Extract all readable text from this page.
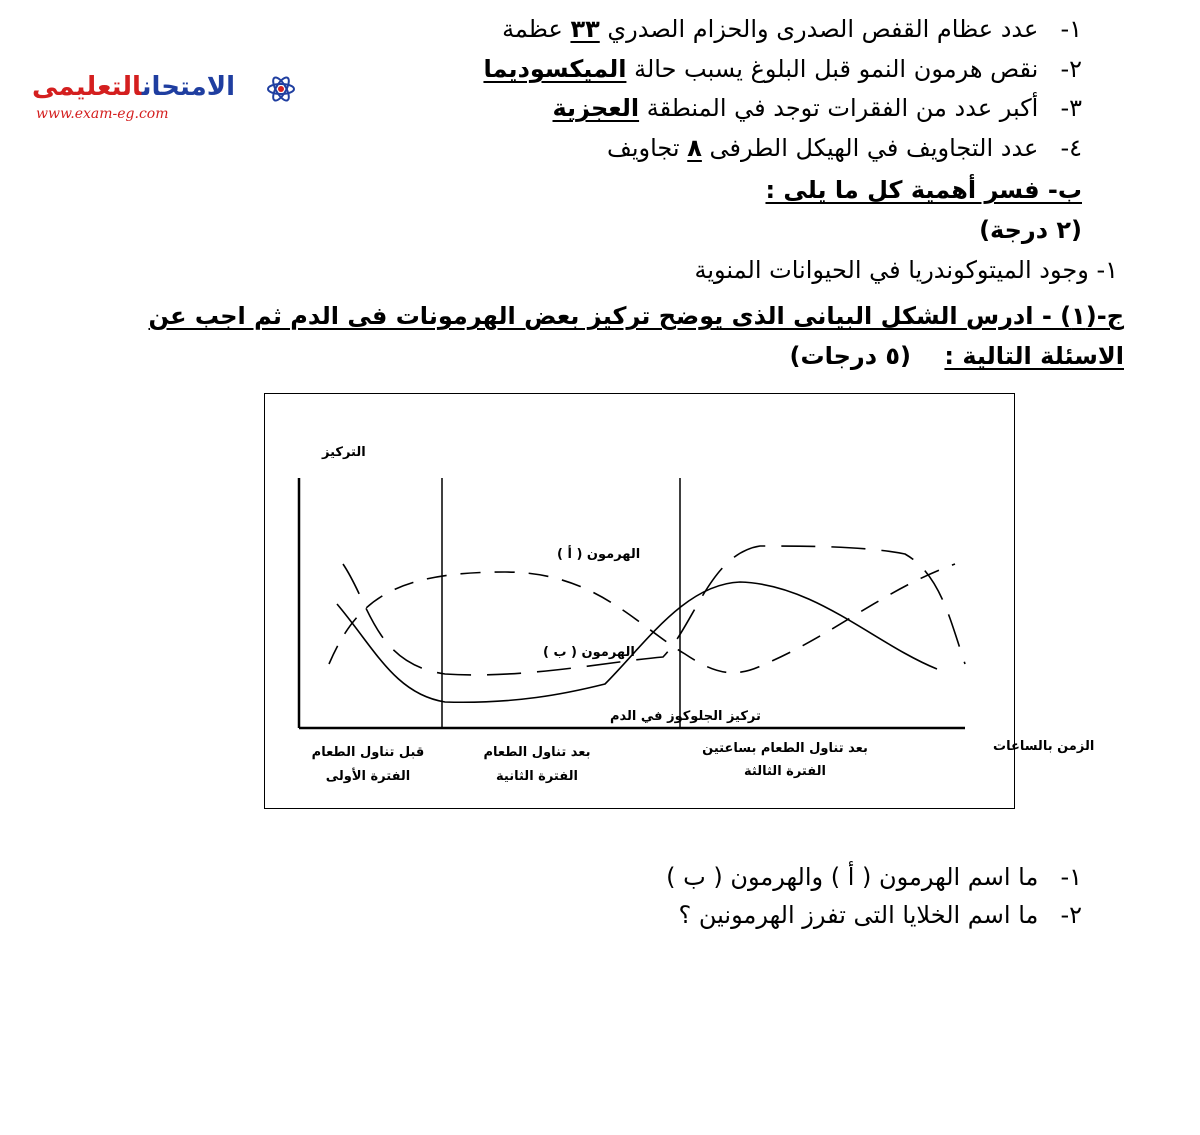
الامتحانالتعليمى
www.exam-eg.com
١- عدد عظام القفص الصدرى والحزام الصدري ٣٣ عظمة
٢- نقص هرمون النمو قبل البلوغ يسبب حالة الميكسوديما
٣- أكبر عدد من الفقرات توجد في المنطقة العجزية
٤- عدد التجاويف في الهيكل الطرفى ٨ تجاويف
ب- فسر أهمية كل ما يلى :
(٢ درجة)
١- وجود الميتوكوندريا في الحيوانات المنوية
ج-(١) - ادرس الشكل البيانى الذى يوضح تركيز بعض الهرمونات فى الدم ثم اجب عن
الاسئلة التالية :    (٥ درجات)
الهرمون ( أ )
الهرمون ( ب )
تركيز الجلوكوز في الدم
التركيز
الزمن بالساعات
قبل تناول الطعام
الفترة الأولى
بعد تناول الطعام
الفترة الثانية
بعد تناول الطعام بساعتين
الفترة الثالثة
١- ما اسم الهرمون ( أ ) والهرمون ( ب )
٢- ما اسم الخلايا التى تفرز الهرمونين ؟
